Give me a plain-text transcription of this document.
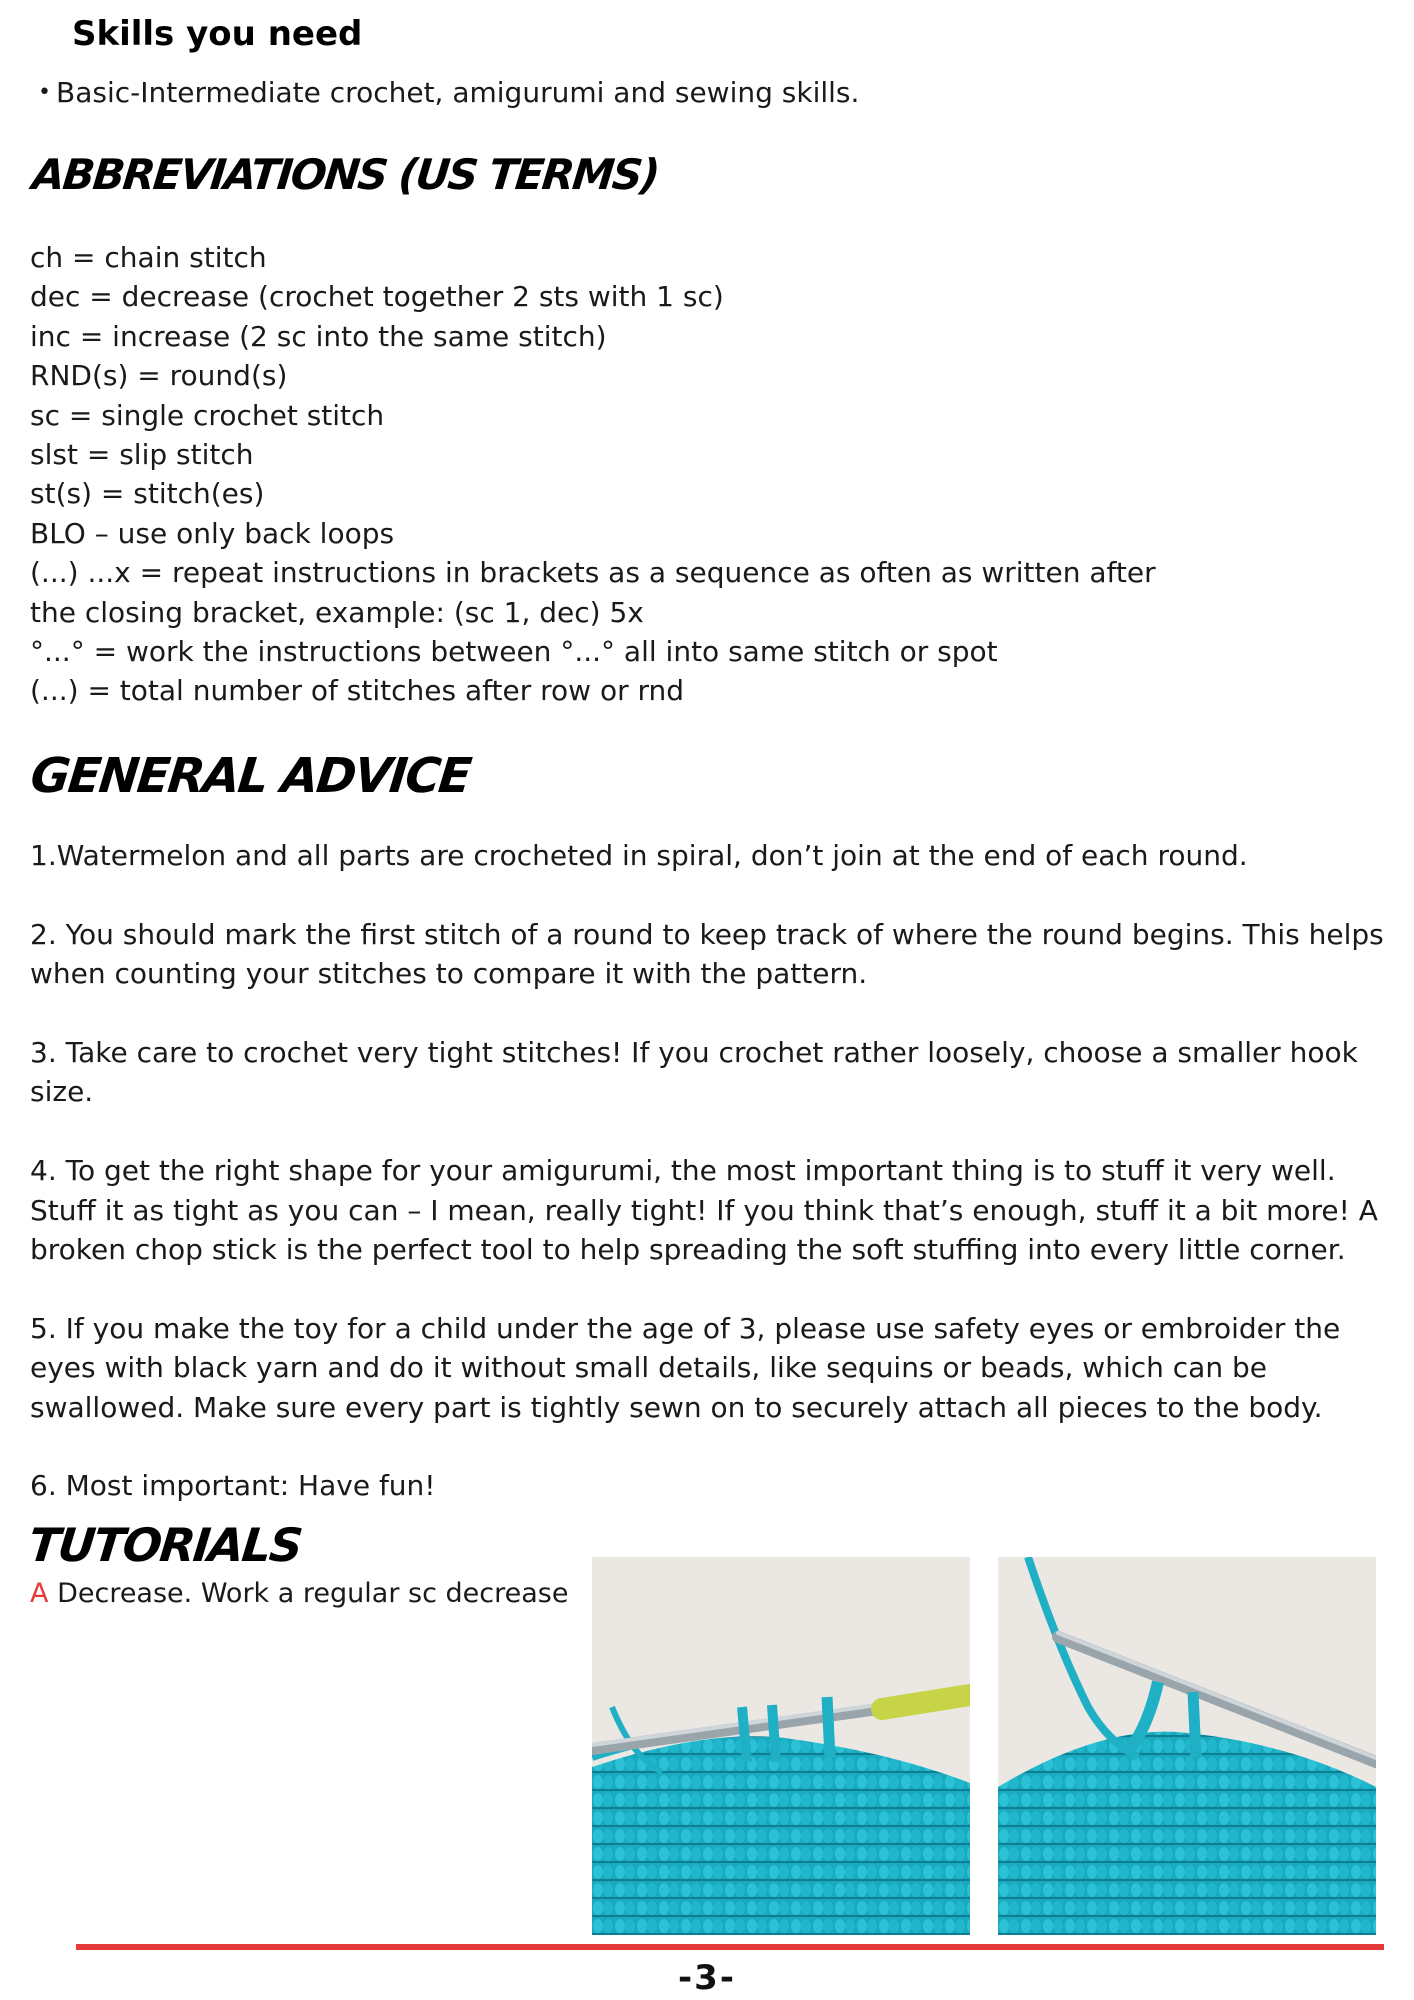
Skills you need

• Basic-Intermediate crochet, amigurumi and sewing skills.

ABBREVIATIONS (US TERMS)
ch = chain stitch
dec = decrease (crochet together 2 sts with 1 sc)
inc = increase (2 sc into the same stitch)
RND(s) = round(s)
sc = single crochet stitch
slst = slip stitch
st(s) = stitch(es)
BLO – use only back loops
(...) ...x = repeat instructions in brackets as a sequence as often as written after
the closing bracket, example: (sc 1, dec) 5x
°...° = work the instructions between °...° all into same stitch or spot
(...) = total number of stitches after row or rnd
GENERAL ADVICE
1.Watermelon and all parts are crocheted in spiral, don’t join at the end of each round.
2. You should mark the first stitch of a round to keep track of where the round begins. This helps when counting your stitches to compare it with the pattern.
3. Take care to crochet very tight stitches! If you crochet rather loosely, choose a smaller hook size.
4. To get the right shape for your amigurumi, the most important thing is to stuff it very well. Stuff it as tight as you can – I mean, really tight! If you think that’s enough, stuff it a bit more! A broken chop stick is the perfect tool to help spreading the soft stuffing into every little corner.
5. If you make the toy for a child under the age of 3, please use safety eyes or embroider the eyes with black yarn and do it without small details, like sequins or beads, which can be swallowed. Make sure every part is tightly sewn on to securely attach all pieces to the body.
6. Most important: Have fun!
TUTORIALS

A Decrease. Work a regular sc decrease

-3-
